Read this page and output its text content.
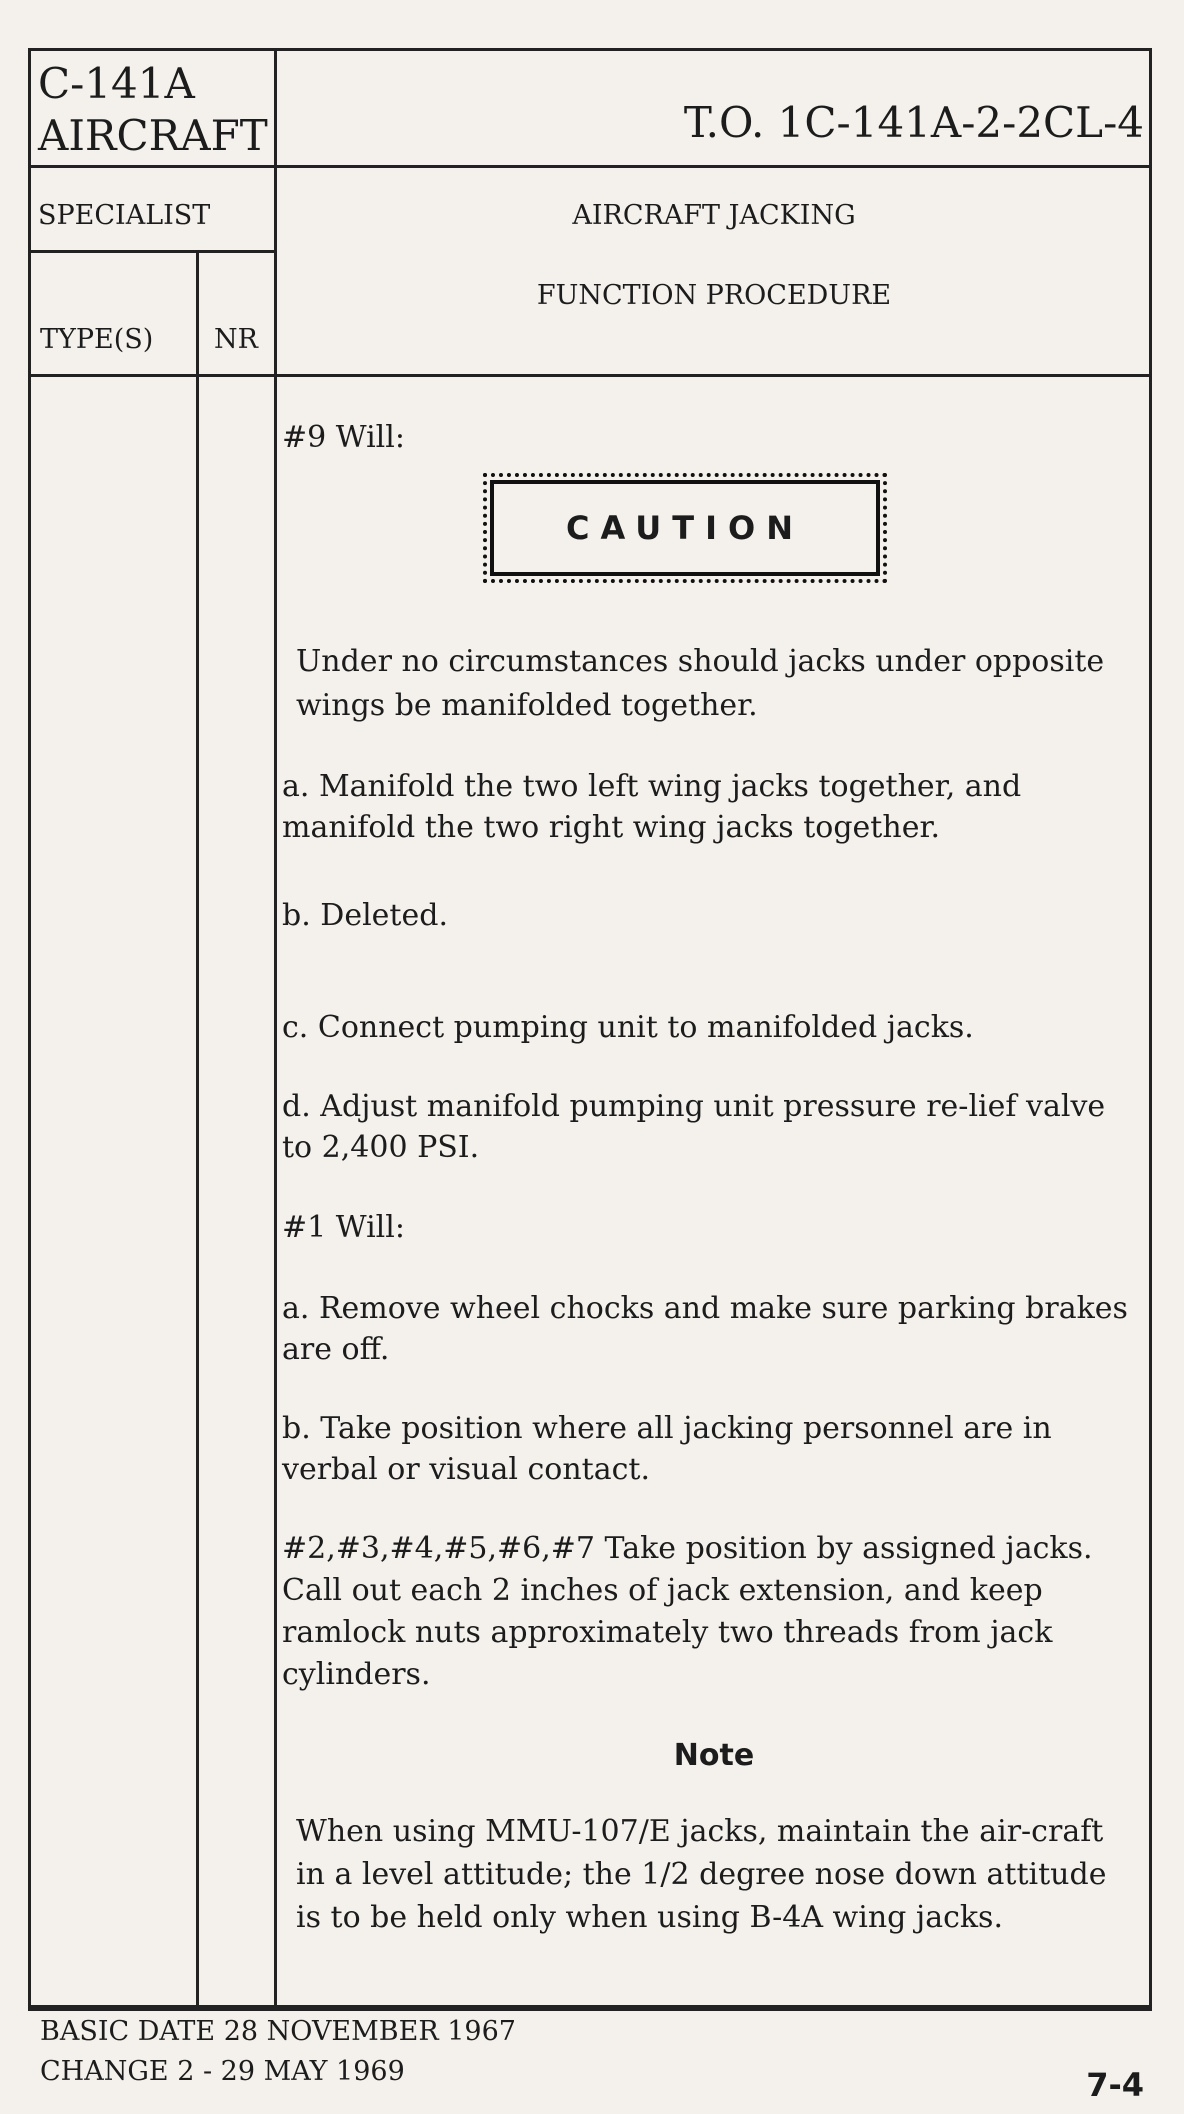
C-141A
AIRCRAFT	T.O. 1C-141A-2-2CL-4
SPECIALIST
TYPE(S) NR
AIRCRAFT JACKING
FUNCTION PROCEDURE
#9 Will:
CAUTION
Under no circumstances should jacks under opposite wings be manifolded together.
a. Manifold the two left wing jacks together, and manifold the two right wing jacks together.
b. Deleted.
c. Connect pumping unit to manifolded jacks.
d. Adjust manifold pumping unit pressure re-lief valve to 2,400 PSI.
#1 Will:
a. Remove wheel chocks and make sure parking brakes are off.
b. Take position where all jacking personnel are in verbal or visual contact.
#2,#3,#4,#5,#6,#7 Take position by assigned jacks. Call out each 2 inches of jack extension, and keep ramlock nuts approximately two threads from jack cylinders.
Note
When using MMU-107/E jacks, maintain the air-craft in a level attitude; the 1/2 degree nose down attitude is to be held only when using B-4A wing jacks.
BASIC DATE 28 NOVEMBER 1967
CHANGE 2 - 29 MAY 1969	7-4
